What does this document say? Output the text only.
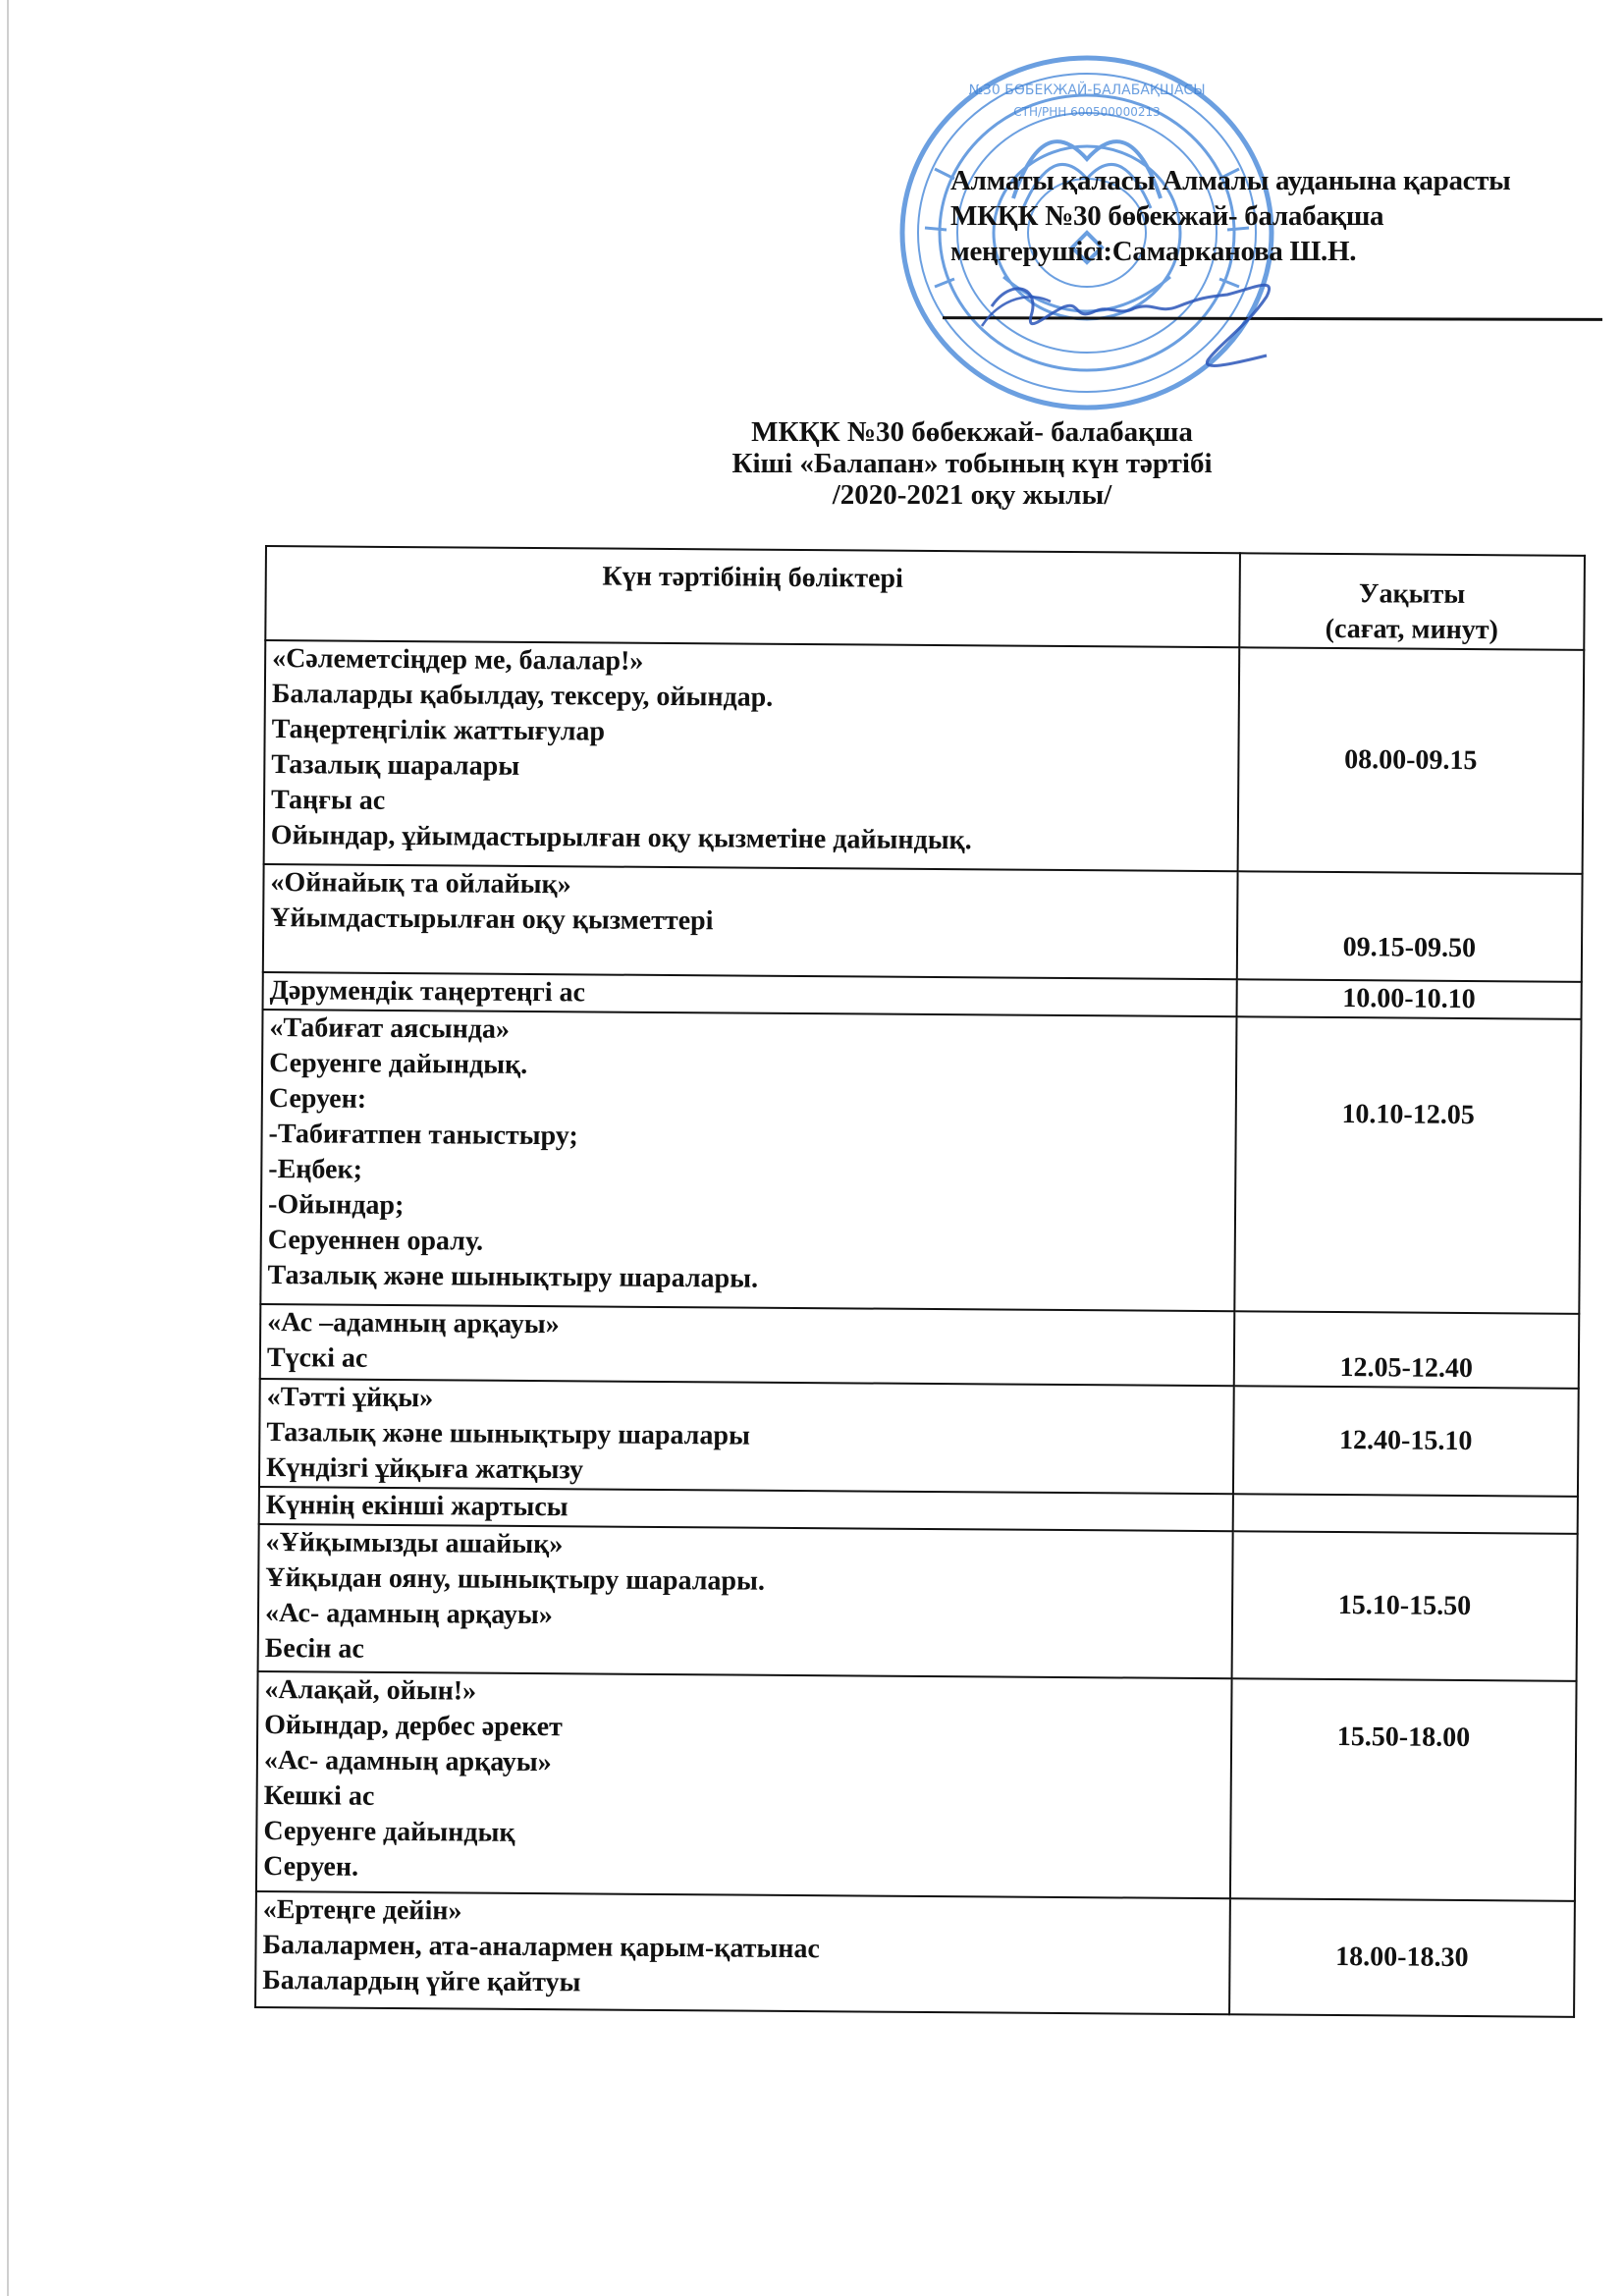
№30 БӨБЕКЖАЙ-БАЛАБАҚШАСЫ
СТН/РНН 600500000213
Алматы қаласы Алмалы ауданына қарасты
МКҚК №30 бөбекжай- балабақша
меңгерушісі:Самарканова Ш.Н.
МКҚК №30 бөбекжай- балабақша
Кіші «Балапан» тобының күн тәртібі
/2020-2021 оқу жылы/
Күн тәртібінің бөліктері	Уақыты
(сағат, минут)

«Сәлеметсіңдер ме, балалар!»
Балаларды қабылдау, тексеру, ойындар.
Таңертеңгілік жаттығулар
Тазалық шаралары
Таңғы ас
Ойындар, ұйымдастырылған оқу қызметіне дайындық.
	08.00-09.15

«Ойнайық та ойлайық»
Ұйымдастырылған оқу қызметтері	09.15-09.50

Дәрумендік таңертеңгі ас	10.00-10.10

«Табиғат аясында»
Серуенге дайындық.
Серуен:
-Табиғатпен таныстыру;
-Еңбек;
-Ойындар;
Серуеннен оралу.
Тазалық және шынықтыру шаралары.
	10.10-12.05

«Ас –адамның арқауы»
Түскі ас	12.05-12.40

«Тәтті ұйқы»
Тазалық және шынықтыру шаралары
Күндізгі ұйқыға жатқызу	12.40-15.10

Күннің екінші жартысы	

«Ұйқымызды ашайық»
Ұйқыдан ояну, шынықтыру шаралары.
«Ас- адамның арқауы»
Бесін ас	15.10-15.50

«Алақай, ойын!»
Ойындар, дербес әрекет
«Ас- адамның арқауы»
Кешкі ас
Серуенге дайындық
Серуен.
	15.50-18.00

«Ертеңге дейін»
Балалармен, ата-аналармен қарым-қатынас
Балалардың үйге қайтуы	18.00-18.30
